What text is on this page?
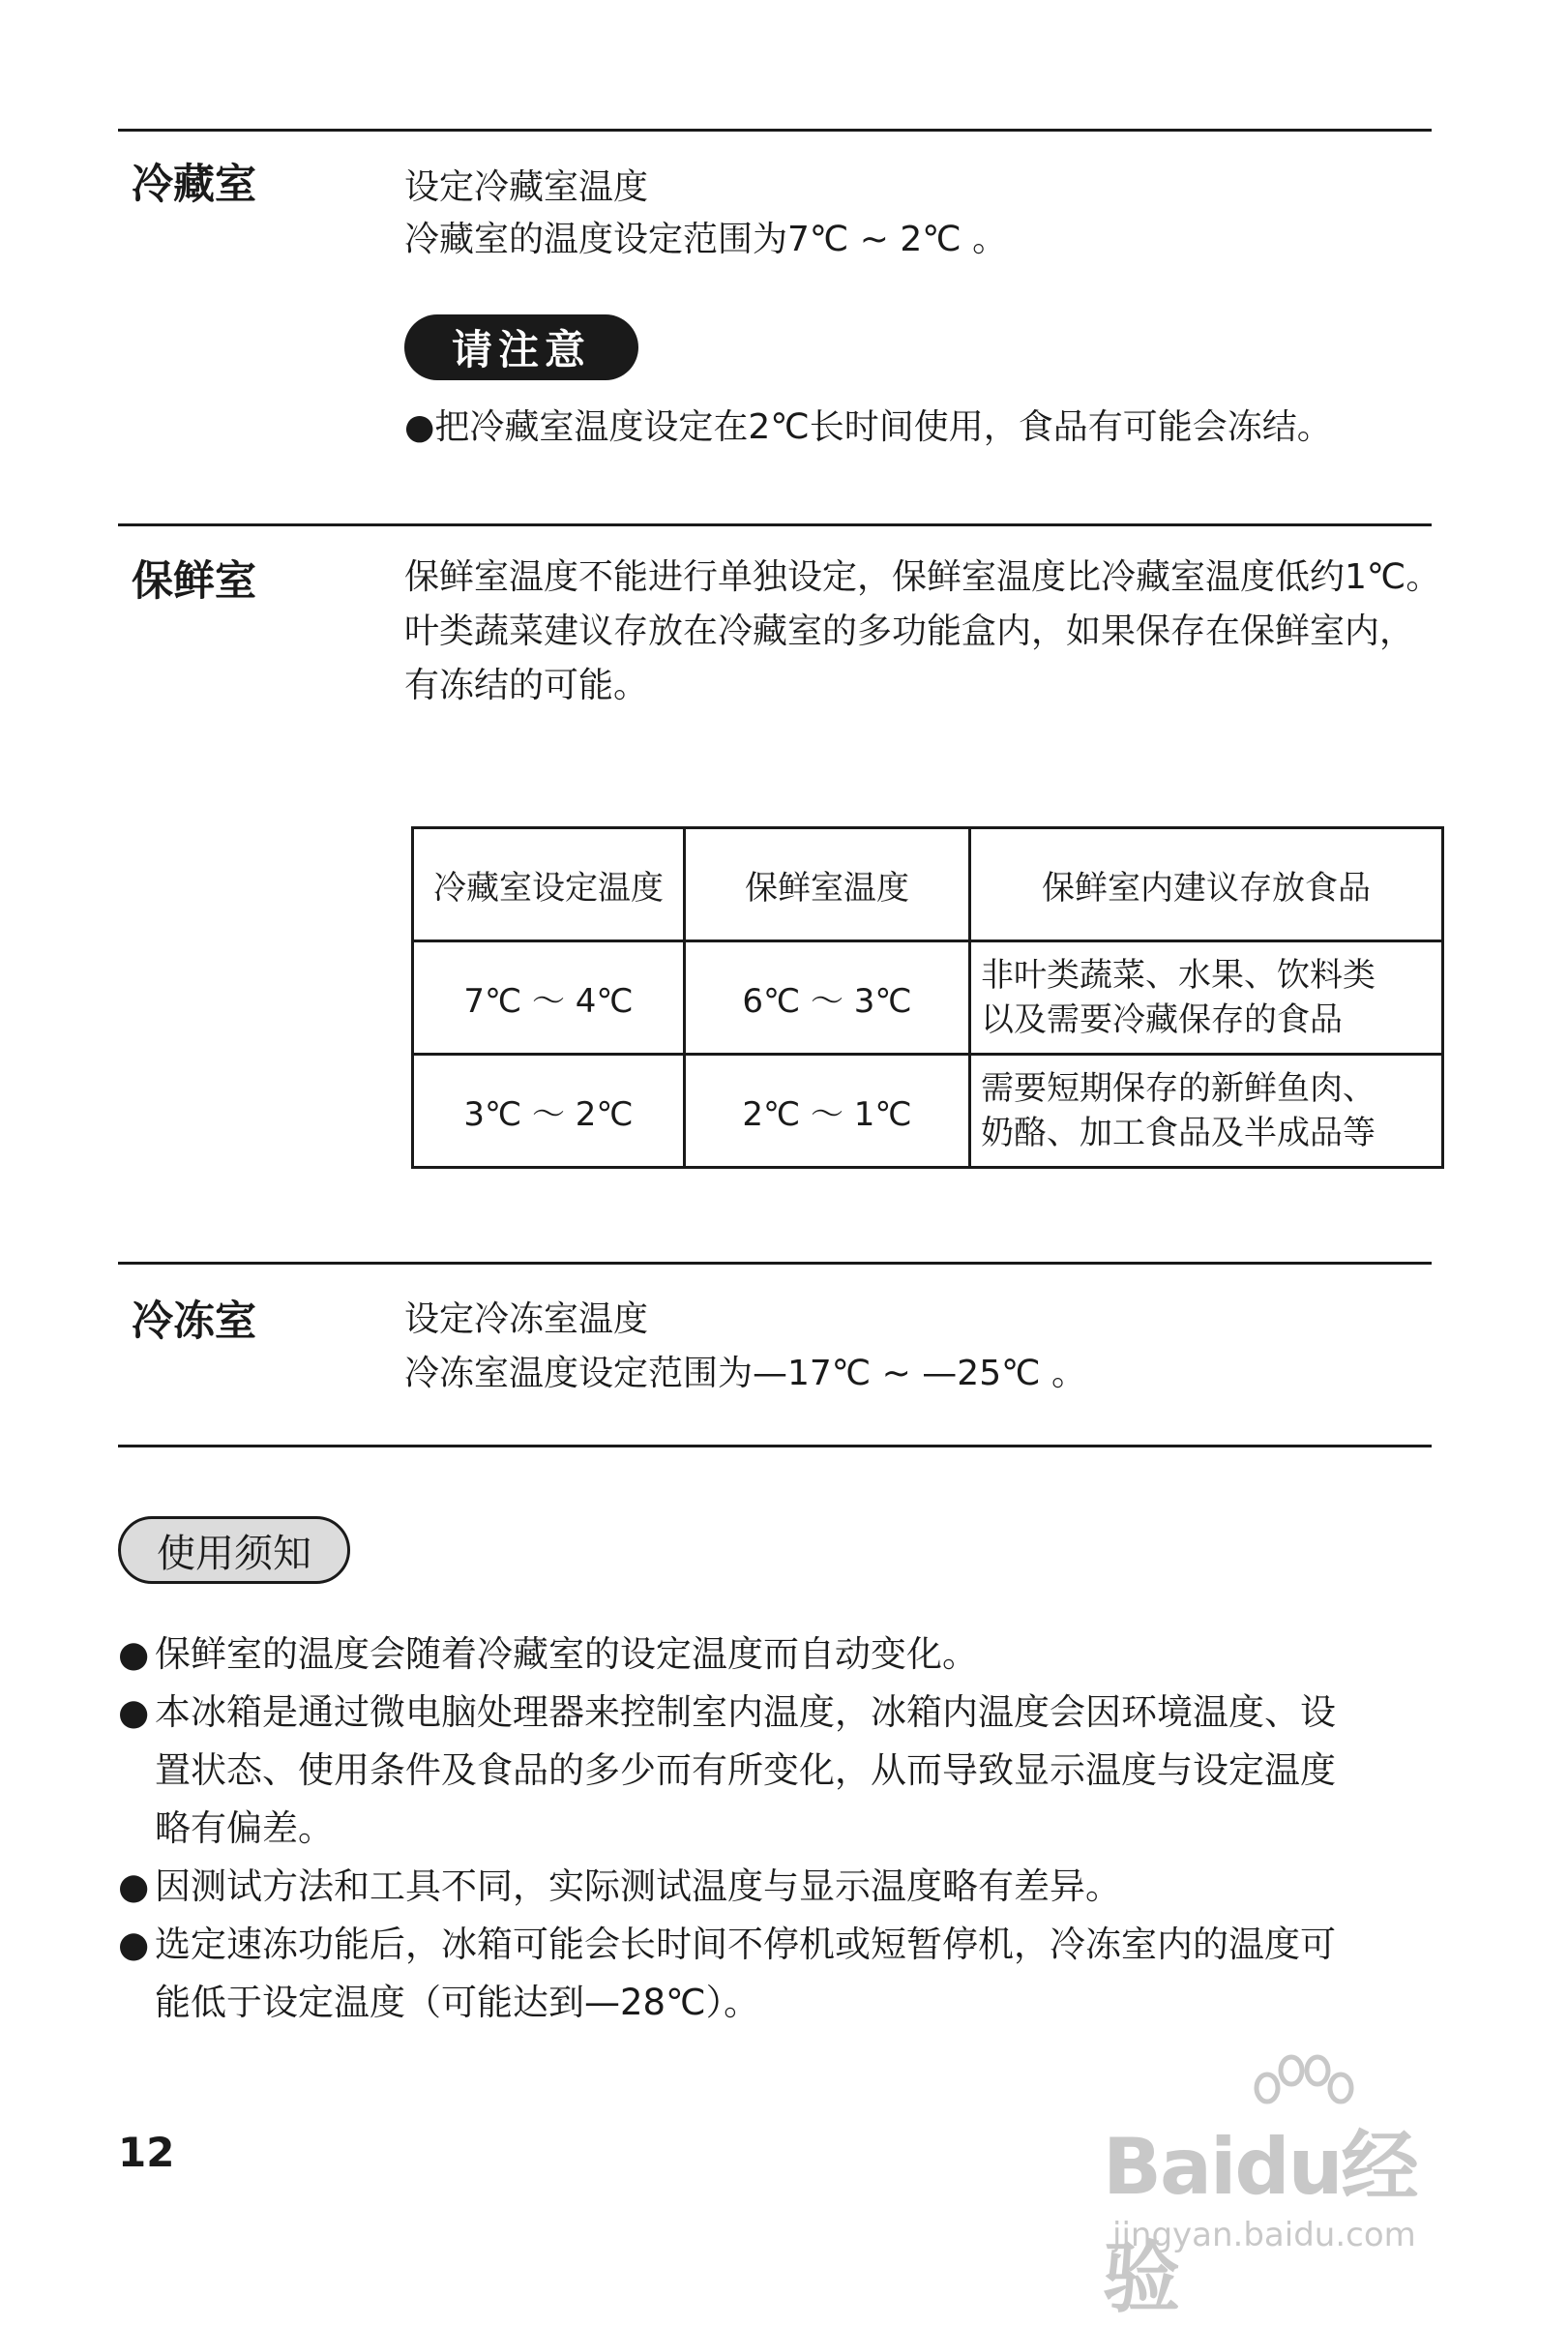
冷藏室	设定冷藏室温度
冷藏室的温度设定范围为7℃ ~ 2℃ 。
请注意
●把冷藏室温度设定在2℃长时间使用，食品有可能会冻结。
保鲜室	保鲜室温度不能进行单独设定，保鲜室温度比冷藏室温度低约1℃。
叶类蔬菜建议存放在冷藏室的多功能盒内，如果保存在保鲜室内，
有冻结的可能。
冷藏室设定温度	保鲜室温度	保鲜室内建议存放食品
7℃ ～ 4℃	6℃ ～ 3℃	非叶类蔬菜、水果、饮料类
以及需要冷藏保存的食品

3℃ ～ 2℃	2℃ ～ 1℃	需要短期保存的新鲜鱼肉、
奶酪、加工食品及半成品等
冷冻室	设定冷冻室温度
冷冻室温度设定范围为—17℃ ~ —25℃ 。
使用须知
● 保鲜室的温度会随着冷藏室的设定温度而自动变化。
● 本冰箱是通过微电脑处理器来控制室内温度，冰箱内温度会因环境温度、设
置状态、使用条件及食品的多少而有所变化，从而导致显示温度与设定温度
略有偏差。
● 因测试方法和工具不同，实际测试温度与显示温度略有差异。
● 选定速冻功能后，冰箱可能会长时间不停机或短暂停机，冷冻室内的温度可
能低于设定温度（可能达到—28℃）。
12	Baidu经验
jingyan.baidu.com
